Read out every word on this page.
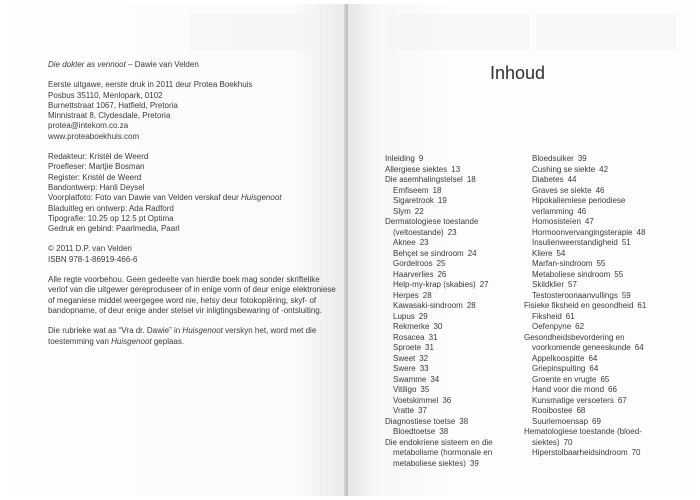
Die dokter as vennoot – Dawie van Velden
Eerste uitgawe, eerste druk in 2011 deur Protea Boekhuis
Posbus 35110, Menlopark, 0102
Burnettstraat 1067, Hatfield, Pretoria
Minnistraat 8, Clydesdale, Pretoria
protea@intekom.co.za
www.proteaboekhuis.com
Redakteur: Kristèl de Weerd
Proefleser: Martjie Bosman
Register: Kristèl de Weerd
Bandontwerp: Hanli Deysel
Voorplatfoto: Foto van Dawie van Velden verskaf deur Huisgenoot
Bladuitleg en ontwerp: Ada Radford
Tipografie: 10.25 op 12.5 pt Optima
Gedruk en gebind: Paarlmedia, Paarl
© 2011 D.P. van Velden
ISBN 978-1-86919-466-6
Alle regte voorbehou. Geen gedeelte van hierdie boek mag sonder skriftelike verlof van die uitgewer gereproduseer of in enige vorm of deur enige elektroniese of meganiese middel weergegee word nie, hetsy deur fotokopiëring, skyf- of bandopname, of deur enige ander stelsel vir inligtingsbewaring of -ontsluiting.
Die rubriekе wat as “Vra dr. Dawie” in Huisgenoot verskyn het, word met die toestemming van Huisgenoot geplaas.
Inhoud
Inleiding 9
Allergiese siektes 13
Die asemhalingstelsel 18
Emfiseem 18
Sigaretrook 19
Slym 22
Dermatologiese toestande
(veltoestande) 23
Aknee 23
Behçet se sindroom 24
Gordelroos 25
Haarverlies 26
Help-my-krap (skabies) 27
Herpes 28
Kawasaki-sindroom 28
Lupus 29
Rekmerke 30
Rosacea 31
Sproete 31
Sweet 32
Swere 33
Swamme 34
Vitiligo 35
Voetskimmel 36
Vratte 37
Diagnostiese toetse 38
Bloedtoetse 38
Die endokriene sisteem en die
metabolisme (hormonale en
metaboliese siektes) 39
Bloedsuiker 39
Cushing se siekte 42
Diabetes 44
Graves se siekte 46
Hipokaliemiese periodiese
verlamming 46
Homosisteïen 47
Hormoonvervangingsterapie 48
Insulienweerstandigheid 51
Kliere 54
Marfan-sindroom 55
Metaboliese sindroom 55
Skildklier 57
Testosteroonaanvullings 59
Fisieke fiksheid en gesondheid 61
Fiksheid 61
Oefenpyne 62
Gesondheidsbevordering en
voorkomende geneeskunde 64
Appelkoospitte 64
Griepinspuiting 64
Groente en vrugte 65
Hand voor die mond 66
Kunsmatige versoeters 67
Rooibostee 68
Suurlemoensap 69
Hematologiese toestande (bloed-
siektes) 70
Hiperstolbaarheidsindroom 70
